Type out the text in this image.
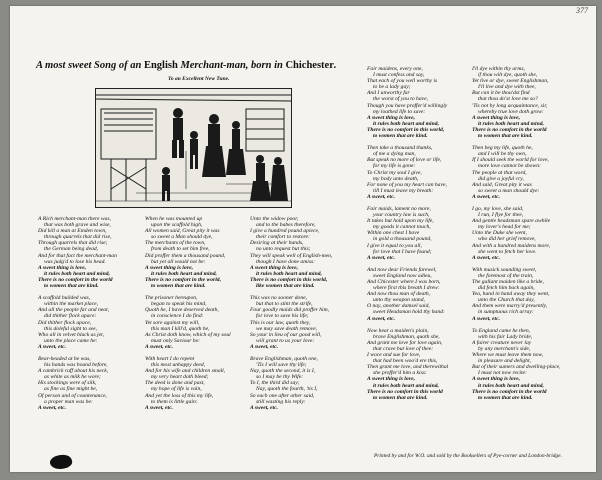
377
A most sweet Song of an English Merchant-man, born in Chichester.
To an Excellent New Tune.
A Rich merchant-man there was,
that was both grave and wise,
Did kill a man at Emden town,
through quarrels that did rise,
Through quarrels that did rise;
the German being dead,
And for that fact the merchant-man
was judg'd to lose his head.
A sweet thing is love,
it rules both heart and mind,
There is no comfort in the world
to women that are kind.
A scaffold builded was,
within the market place,
And all the people far and near,
did thither flock apace:
Did thither flock apace,
this doleful sight to see,
Who all in velvet black as jet,
unto the place came he:
A sweet, etc.
Bear-headed at he was,
his hands was bound before,
A cambrick ruff about his neck,
as white as milk he wore;
His stockings were of silk,
as fine as fine might be,
Of person and of countenance,
a proper man was he:
A sweet, etc.
When he was mounted up
upon the scaffold high,
All women said, Great pity it was
so sweet a Man should dye,
The merchants of the town,
from death to set him free,
Did proffer them a thousand pound,
but yet all would not be:
A sweet thing is love,
it rules both heart and mind,
There is no comfort in the world,
to women that are kind.
The prisoner hereupon,
began to speak his mind,
Quoth he, I have deserved death,
in conscience I do find:
Yet sore against my will,
this man I kill'd, quoth he,
As Christ doth know, which of my soul
must only Saviour be:
A sweet, etc.
With heart I do repent
this most unhappy deed,
And for his wife and children small,
my very heart doth bleed;
The deed is done and past,
my hope of life is vain,
And yet the loss of this my life,
to them is little gain:
A sweet, etc.
Unto the widow poor,
and to the babes therefore,
I give a hundred pound apiece,
their comfort to restore:
Desiring at their hands,
no unto request but this;
They will speak well of English-men,
though I have done amiss:
A sweet thing is love,
it rules both heart and mind,
There is no comfort in this world,
like women that are kind.
This was no sooner done,
but that to stint the strife,
Four goodly maids did proffer him,
for love to save his life;
This is our law, quoth they,
we may save death remove,
So your in lieu of our good will,
will grant to us your love:
A sweet, etc.
Brave Englishman, quoth one,
'Tis I will save thy life;
Nay, quoth the second, it is I,
so I may be thy Wife:
To I, the third did say;
Nay, quoth the fourth, 'tis I,
So each one after other said,
still wasting his reply:
A sweet, etc.
Fair maidens, every one,
I must confess and say,
That each of you well worthy is
to be a lady gay;
And I unworthy far
the worst of you to have,
Though you have proffer'd willingly
my loathed life to save:
A sweet thing is love,
it rules both heart and mind,
There is no comfort in this world,
to women that are kind.
Then take a thousand thanks,
of me a dying man,
But speak no more of love or life,
for my life is gone:
To Christ my soul I give,
my body unto death,
For none of you my heart can have,
till I must leave my breath:
A sweet, etc.
Fair maids, lament no more,
your country law is such,
It takes but hold upon my life,
my goods it cannot touch,
Within one chest I have
in gold a thousand pound,
I give it equal to you all,
for love that I have found;
A sweet, etc.
And now dear Friends farewel,
sweet England now adieu,
And Chicester where I was born,
where first this breath I drew:
And now thou man of death,
unto thy weapon stand,
O nay, another damsel said,
sweet Headsman hold thy hand:
A sweet, etc.
Now hear a maiden's plain,
brave Englishman, quoth she,
And grant me love for love again,
that crave but love of thee:
I woce and sue for love,
that had been woo'd ere this,
Then grant me love, and therewithal
she proffer'd him a kiss:
A sweet thing is love,
it rules both heart and mind,
There is no comfort in this world
to women that are kind.
I'll dye within thy arms,
if thou wilt dye, quoth she,
Yet live or dye, sweet Englishman,
I'll live and dye with thee,
But can it be thou'dst find
that thou do'st love me so?
'Tis not by long acquaintance, sir,
whereby true love doth grow:
A sweet thing is love,
it rules both heart and mind,
There is no comfort in the world
to women that are kind.
Then beg my life, quoth he,
and I will be thy own,
If I should seek the world for love,
more love cannot be shown:
The people at that word,
did give a joyful cry,
And said, Great pity it was
so sweet a man should dye:
A sweet, etc.
I go, my love, she said,
I run, I flye for thee,
And gentle headsman spare awhile
my lover's head for me;
Unto the Duke she went,
who did her grief remove,
And with a hundred maidens more,
she went to fetch her love.
A sweet, etc.
With musick sounding sweet,
the foremost of the train,
The gallant maiden like a bride,
did fetch him back again,
Yea, hand in hand away they went,
unto the Church that day,
And them were marry'd presently,
in sumptuous rich array:
A sweet, etc.
To England came he then,
with his fair Lady bride,
A fairer creature never lay
by any merchant's side,
Where we must leave them now,
in pleasure and delight,
But of their sumers and dwelling-place,
I must not now recite:
A sweet thing is love,
it rules both heart and mind,
There is no comfort in the world
to women that are kind.
Printed by and for W.O. and sold by the Booksellers of Pye-corner and London-bridge.
